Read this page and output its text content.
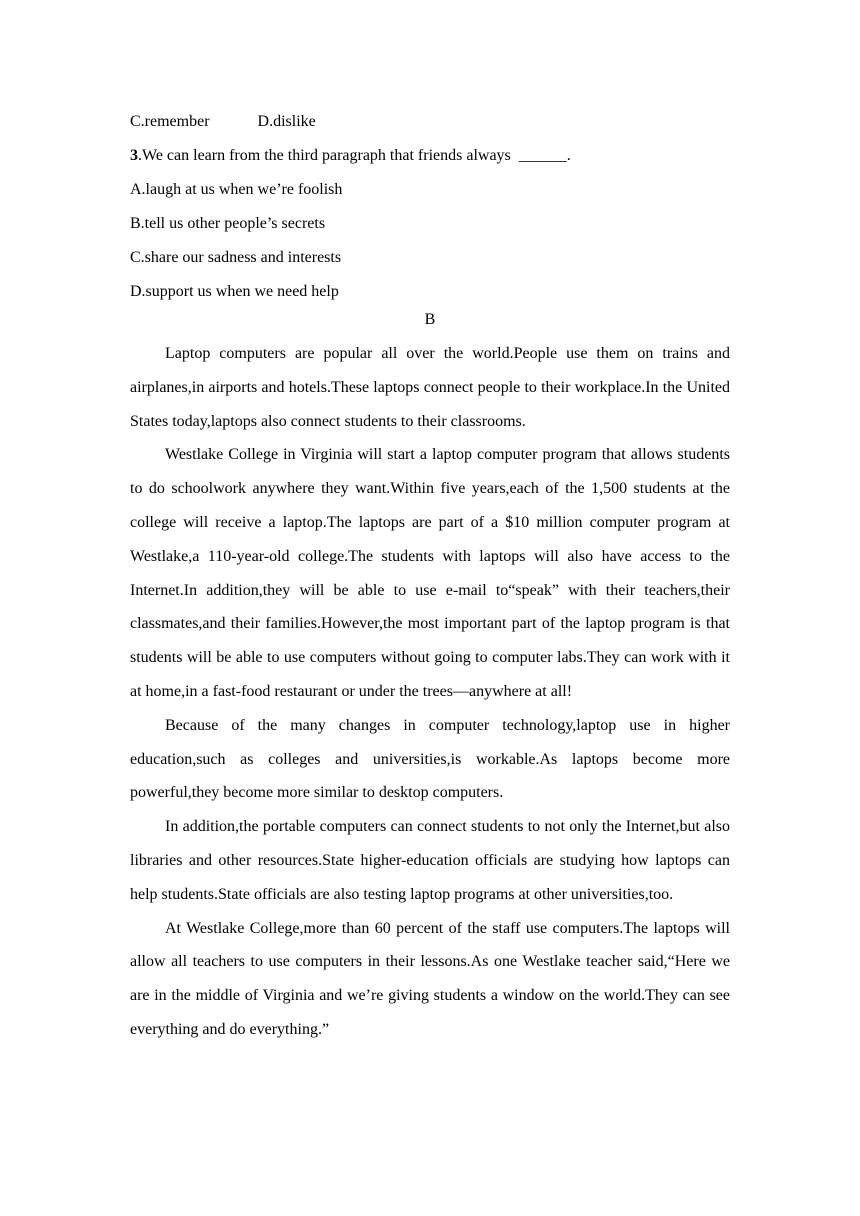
C.remember	D.dislike
3.We can learn from the third paragraph that friends always ______.
A.laugh at us when we’re foolish
B.tell us other people’s secrets
C.share our sadness and interests
D.support us when we need help
B

Laptop computers are popular all over the world.People use them on trains and airplanes,in airports and hotels.These laptops connect people to their workplace.In the United States today,laptops also connect students to their classrooms.

Westlake College in Virginia will start a laptop computer program that allows students to do schoolwork anywhere they want.Within five years,each of the 1,500 students at the college will receive a laptop.The laptops are part of a $10 million computer program at Westlake,a 110-year-old college.The students with laptops will also have access to the Internet.In addition,they will be able to use e-mail to“speak” with their teachers,their classmates,and their families.However,the most important part of the laptop program is that students will be able to use computers without going to computer labs.They can work with it at home,in a fast-food restaurant or under the trees—anywhere at all!

Because of the many changes in computer technology,laptop use in higher education,such as colleges and universities,is workable.As laptops become more powerful,they become more similar to desktop computers.

In addition,the portable computers can connect students to not only the Internet,but also libraries and other resources.State higher-education officials are studying how laptops can help students.State officials are also testing laptop programs at other universities,too.

At Westlake College,more than 60 percent of the staff use computers.The laptops will allow all teachers to use computers in their lessons.As one Westlake teacher said,“Here we are in the middle of Virginia and we’re giving students a window on the world.They can see everything and do everything.”
